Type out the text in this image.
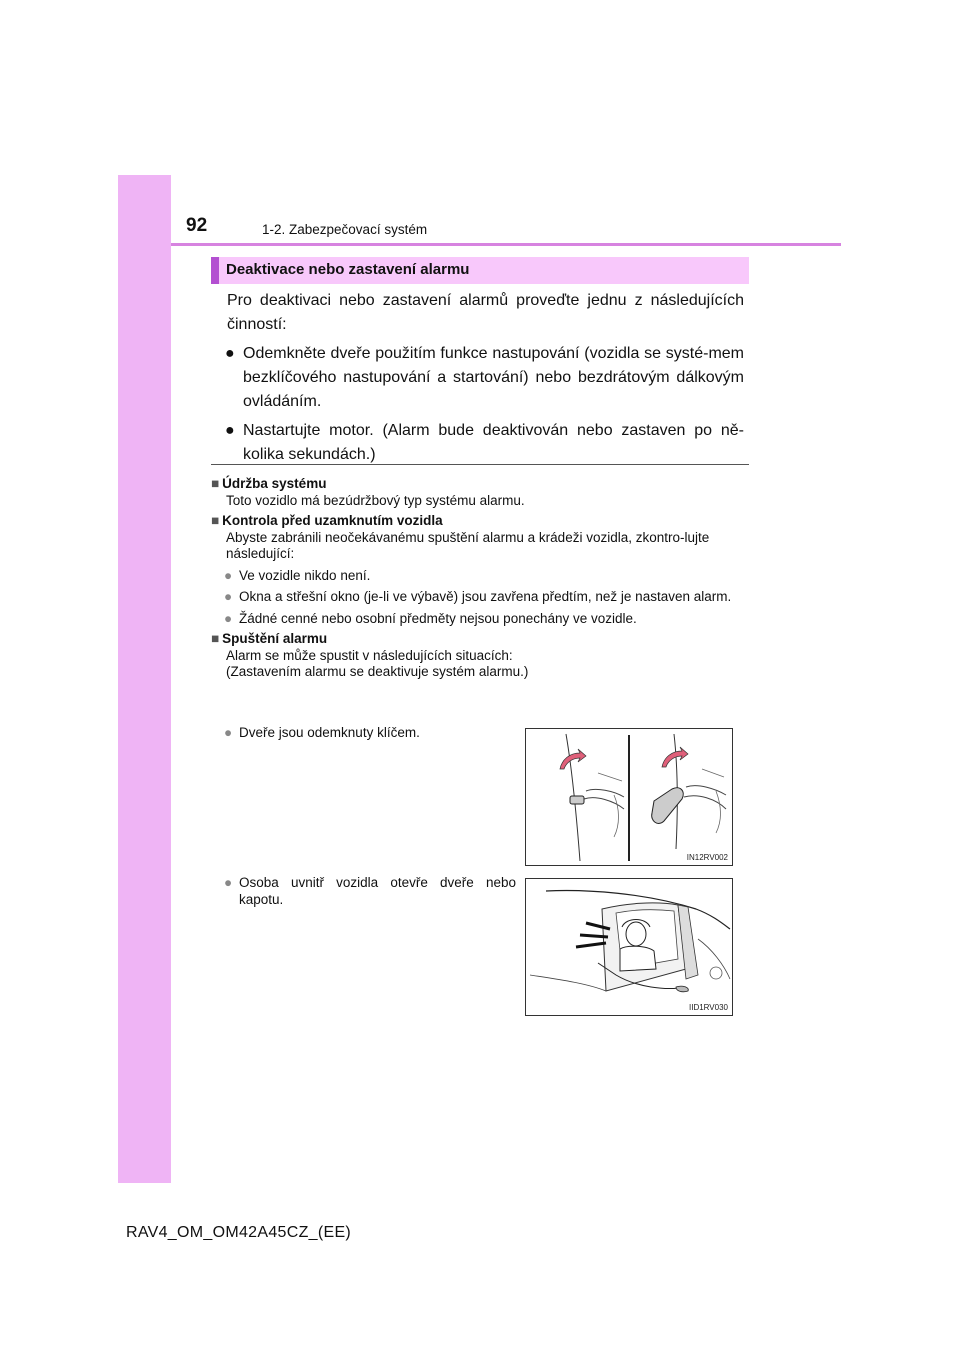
92	1-2. Zabezpečovací systém
Deaktivace nebo zastavení alarmu

Pro deaktivaci nebo zastavení alarmů proveďte jednu z následujících činností:

● Odemkněte dveře použitím funkce nastupování (vozidla se systé-mem bezklíčového nastupování a startování) nebo bezdrátovým dálkovým ovládáním.
● Nastartujte motor. (Alarm bude deaktivován nebo zastaven po ně-kolika sekundách.)
■ Údržba systému
Toto vozidlo má bezúdržbový typ systému alarmu.
■ Kontrola před uzamknutím vozidla
Abyste zabránili neočekávanému spuštění alarmu a krádeži vozidla, zkontro-lujte následující:
● Ve vozidle nikdo není.
● Okna a střešní okno (je-li ve výbavě) jsou zavřena předtím, než je nastaven alarm.
● Žádné cenné nebo osobní předměty nejsou ponechány ve vozidle.
■ Spuštění alarmu
Alarm se může spustit v následujících situacích:
(Zastavením alarmu se deaktivuje systém alarmu.)
● Dveře jsou odemknuty klíčem.
● Osoba uvnitř vozidla otevře dveře nebo kapotu.
IN12RV002
IID1RV030
RAV4_OM_OM42A45CZ_(EE)
